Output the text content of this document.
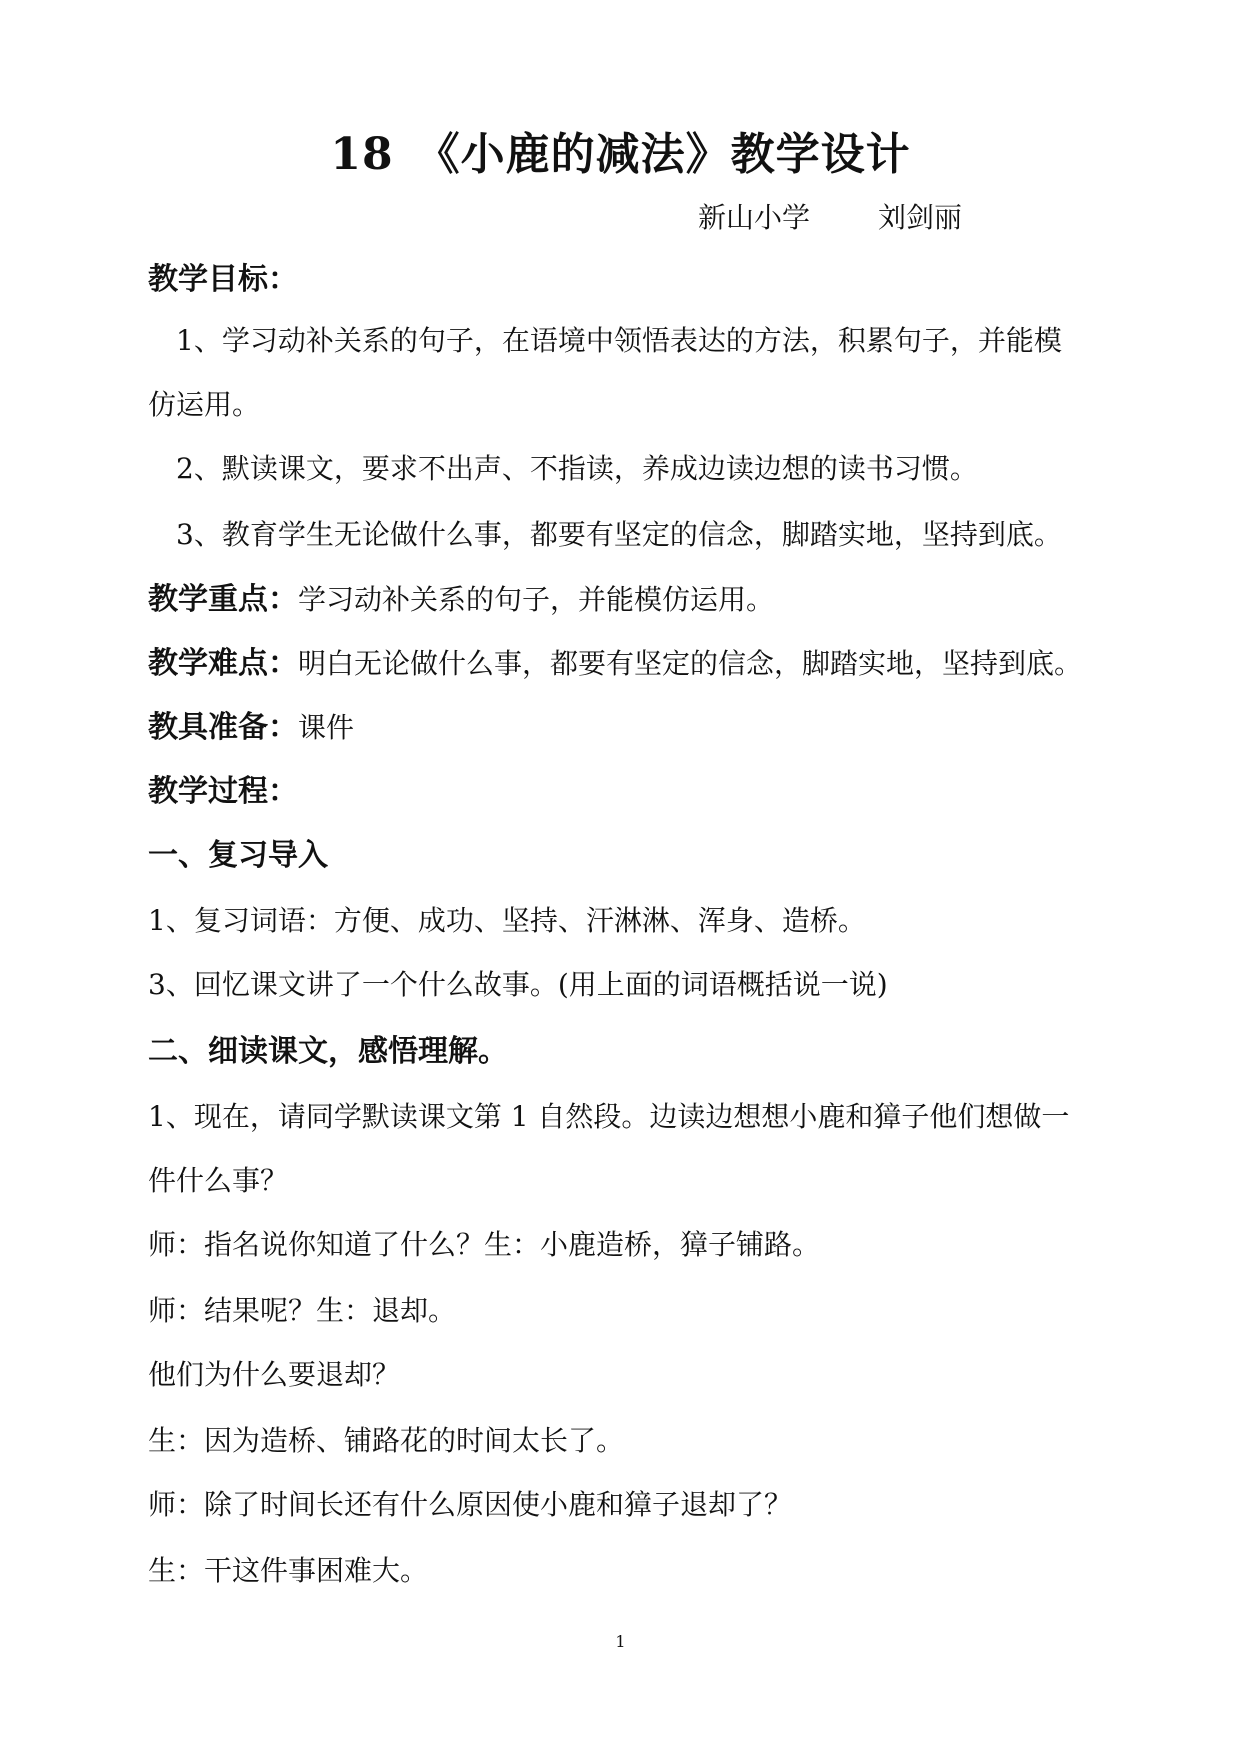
18 《小鹿的减法》教学设计
新山小学 刘剑丽
教学目标：
1、学习动补关系的句子，在语境中领悟表达的方法，积累句子，并能模
仿运用。
2、默读课文，要求不出声、不指读，养成边读边想的读书习惯。
3、教育学生无论做什么事，都要有坚定的信念，脚踏实地，坚持到底。
教学重点：学习动补关系的句子，并能模仿运用。
教学难点：明白无论做什么事，都要有坚定的信念，脚踏实地，坚持到底。
教具准备：课件
教学过程：
一、复习导入
1、复习词语：方便、成功、坚持、汗淋淋、浑身、造桥。
3、回忆课文讲了一个什么故事。(用上面的词语概括说一说)
二、细读课文，感悟理解。
1、现在，请同学默读课文第 1 自然段。边读边想想小鹿和獐子他们想做一
件什么事？
师：指名说你知道了什么？生：小鹿造桥，獐子铺路。
师：结果呢？生：退却。
他们为什么要退却？
生：因为造桥、铺路花的时间太长了。
师：除了时间长还有什么原因使小鹿和獐子退却了？
生：干这件事困难大。
1
